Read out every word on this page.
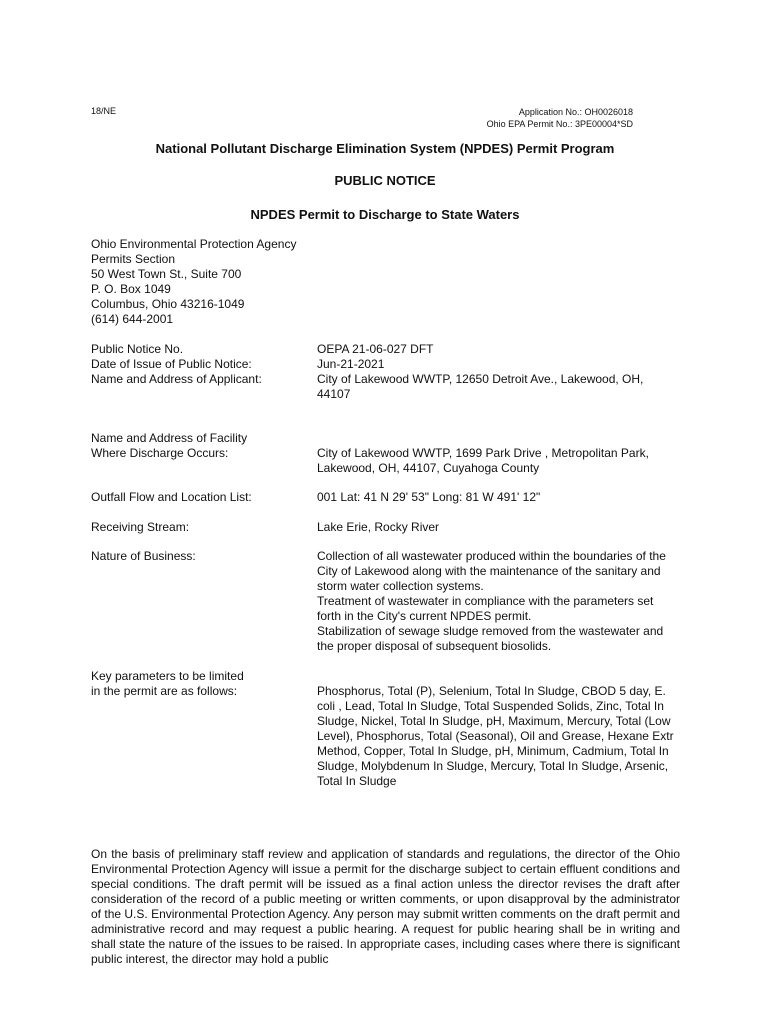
18/NE	Application No.: OH0026018
Ohio EPA Permit No.: 3PE00004*SD
National Pollutant Discharge Elimination System (NPDES) Permit Program
PUBLIC NOTICE
NPDES Permit to Discharge to State Waters
Ohio Environmental Protection Agency
Permits Section
50 West Town St., Suite 700
P. O. Box 1049
Columbus, Ohio 43216-1049
(614) 644-2001
Public Notice No.	OEPA 21-06-027 DFT
Date of Issue of Public Notice:	Jun-21-2021
Name and Address of Applicant:	City of Lakewood WWTP, 12650 Detroit Ave., Lakewood, OH, 44107
Name and Address of Facility
Where Discharge Occurs:	City of Lakewood WWTP, 1699 Park Drive , Metropolitan Park, Lakewood, OH, 44107, Cuyahoga County
Outfall Flow and Location List:	001 Lat: 41 N 29' 53" Long: 81 W 491' 12"
Receiving Stream:	Lake Erie, Rocky River
Nature of Business:	Collection of all wastewater produced within the boundaries of the City of Lakewood along with the maintenance of the sanitary and storm water collection systems.
Treatment of wastewater in compliance with the parameters set forth in the City's current NPDES permit.
Stabilization of sewage sludge removed from the wastewater and the proper disposal of subsequent biosolids.
Key parameters to be limited
in the permit are as follows:	Phosphorus, Total (P), Selenium, Total In Sludge, CBOD 5 day, E. coli , Lead, Total In Sludge, Total Suspended Solids, Zinc, Total In Sludge, Nickel, Total In Sludge, pH, Maximum, Mercury, Total (Low Level), Phosphorus, Total (Seasonal), Oil and Grease, Hexane Extr Method, Copper, Total In Sludge, pH, Minimum, Cadmium, Total In Sludge, Molybdenum In Sludge, Mercury, Total In Sludge, Arsenic, Total In Sludge
On the basis of preliminary staff review and application of standards and regulations, the director of the Ohio Environmental Protection Agency will issue a permit for the discharge subject to certain effluent conditions and special conditions. The draft permit will be issued as a final action unless the director revises the draft after consideration of the record of a public meeting or written comments, or upon disapproval by the administrator of the U.S. Environmental Protection Agency. Any person may submit written comments on the draft permit and administrative record and may request a public hearing. A request for public hearing shall be in writing and shall state the nature of the issues to be raised. In appropriate cases, including cases where there is significant public interest, the director may hold a public
